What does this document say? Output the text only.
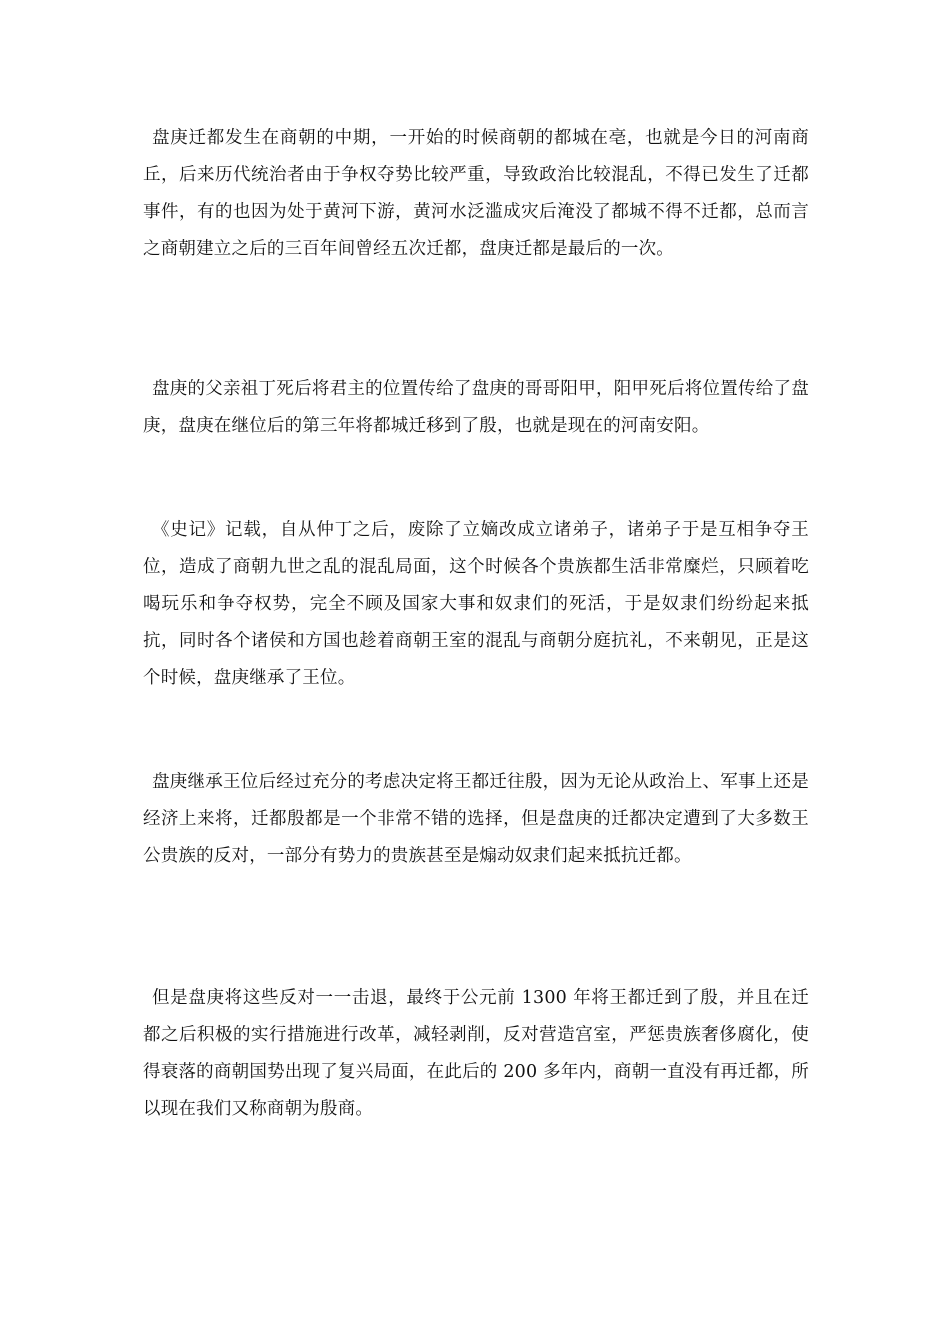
盘庚迁都发生在商朝的中期，一开始的时候商朝的都城在亳，也就是今日的河南商丘，后来历代统治者由于争权夺势比较严重，导致政治比较混乱，不得已发生了迁都事件，有的也因为处于黄河下游，黄河水泛滥成灾后淹没了都城不得不迁都，总而言之商朝建立之后的三百年间曾经五次迁都，盘庚迁都是最后的一次。

盘庚的父亲祖丁死后将君主的位置传给了盘庚的哥哥阳甲，阳甲死后将位置传给了盘庚，盘庚在继位后的第三年将都城迁移到了殷，也就是现在的河南安阳。

《史记》记载，自从仲丁之后，废除了立嫡改成立诸弟子，诸弟子于是互相争夺王位，造成了商朝九世之乱的混乱局面，这个时候各个贵族都生活非常糜烂，只顾着吃喝玩乐和争夺权势，完全不顾及国家大事和奴隶们的死活，于是奴隶们纷纷起来抵抗，同时各个诸侯和方国也趁着商朝王室的混乱与商朝分庭抗礼，不来朝见，正是这个时候，盘庚继承了王位。

盘庚继承王位后经过充分的考虑决定将王都迁往殷，因为无论从政治上、军事上还是经济上来将，迁都殷都是一个非常不错的选择，但是盘庚的迁都决定遭到了大多数王公贵族的反对，一部分有势力的贵族甚至是煽动奴隶们起来抵抗迁都。

但是盘庚将这些反对一一击退，最终于公元前 1300 年将王都迁到了殷，并且在迁都之后积极的实行措施进行改革，减轻剥削，反对营造宫室，严惩贵族奢侈腐化，使得衰落的商朝国势出现了复兴局面，在此后的 200 多年内，商朝一直没有再迁都，所以现在我们又称商朝为殷商。
